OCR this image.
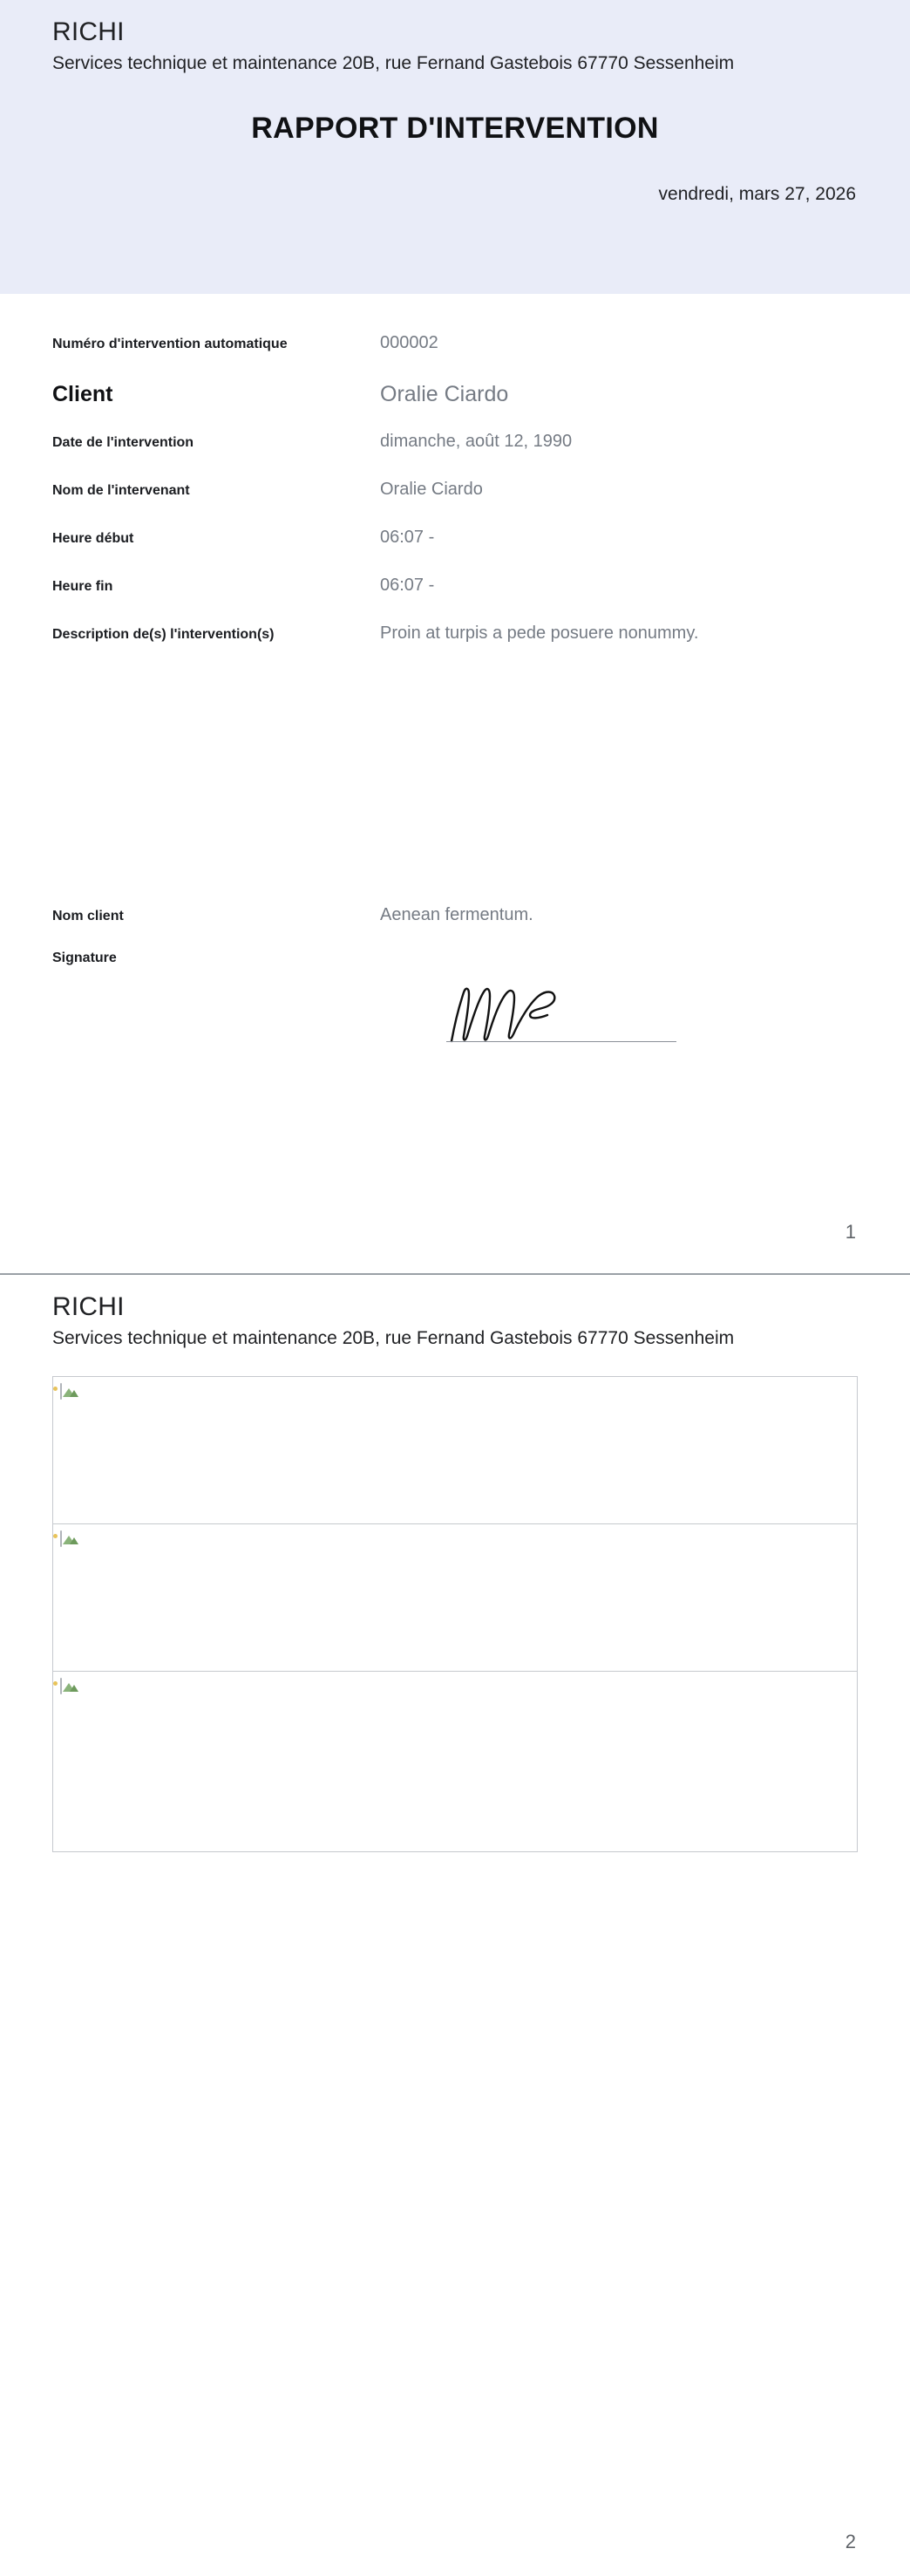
RICHI
Services technique et maintenance 20B, rue Fernand Gastebois 67770 Sessenheim
RAPPORT D'INTERVENTION
vendredi, mars 27, 2026
Numéro d'intervention automatique	000002
Client	Oralie Ciardo
Date de l'intervention	dimanche, août 12, 1990
Nom de l'intervenant	Oralie Ciardo
Heure début	06:07 -
Heure fin	06:07 -
Description de(s) l'intervention(s)	Proin at turpis a pede posuere nonummy.
Nom client	Aenean fermentum.
Signature
1
RICHI
Services technique et maintenance 20B, rue Fernand Gastebois 67770 Sessenheim
2
